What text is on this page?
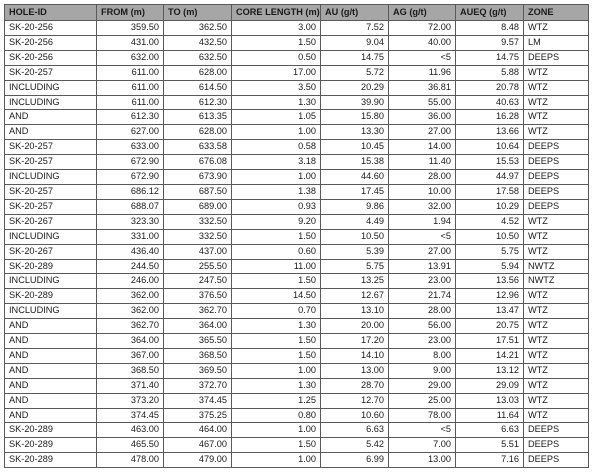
HOLE-ID	FROM (m)	TO (m)	CORE LENGTH (m)	AU (g/t)	AG (g/t)	AUEQ (g/t)	ZONE
SK-20-256	359.50	362.50	3.00	7.52	72.00	8.48	WTZ
SK-20-256	431.00	432.50	1.50	9.04	40.00	9.57	LM
SK-20-256	632.00	632.50	0.50	14.75	<5	14.75	DEEPS
SK-20-257	611.00	628.00	17.00	5.72	11.96	5.88	WTZ
INCLUDING	611.00	614.50	3.50	20.29	36.81	20.78	WTZ
INCLUDING	611.00	612.30	1.30	39.90	55.00	40.63	WTZ
AND	612.30	613.35	1.05	15.80	36.00	16.28	WTZ
AND	627.00	628.00	1.00	13.30	27.00	13.66	WTZ
SK-20-257	633.00	633.58	0.58	10.45	14.00	10.64	DEEPS
SK-20-257	672.90	676.08	3.18	15.38	11.40	15.53	DEEPS
INCLUDING	672.90	673.90	1.00	44.60	28.00	44.97	DEEPS
SK-20-257	686.12	687.50	1.38	17.45	10.00	17.58	DEEPS
SK-20-257	688.07	689.00	0.93	9.86	32.00	10.29	DEEPS
SK-20-267	323.30	332.50	9.20	4.49	1.94	4.52	WTZ
INCLUDING	331.00	332.50	1.50	10.50	<5	10.50	WTZ
SK-20-267	436.40	437.00	0.60	5.39	27.00	5.75	WTZ
SK-20-289	244.50	255.50	11.00	5.75	13.91	5.94	NWTZ
INCLUDING	246.00	247.50	1.50	13.25	23.00	13.56	NWTZ
SK-20-289	362.00	376.50	14.50	12.67	21.74	12.96	WTZ
INCLUDING	362.00	362.70	0.70	13.10	28.00	13.47	WTZ
AND	362.70	364.00	1.30	20.00	56.00	20.75	WTZ
AND	364.00	365.50	1.50	17.20	23.00	17.51	WTZ
AND	367.00	368.50	1.50	14.10	8.00	14.21	WTZ
AND	368.50	369.50	1.00	13.00	9.00	13.12	WTZ
AND	371.40	372.70	1.30	28.70	29.00	29.09	WTZ
AND	373.20	374.45	1.25	12.70	25.00	13.03	WTZ
AND	374.45	375.25	0.80	10.60	78.00	11.64	WTZ
SK-20-289	463.00	464.00	1.00	6.63	<5	6.63	DEEPS
SK-20-289	465.50	467.00	1.50	5.42	7.00	5.51	DEEPS
SK-20-289	478.00	479.00	1.00	6.99	13.00	7.16	DEEPS
